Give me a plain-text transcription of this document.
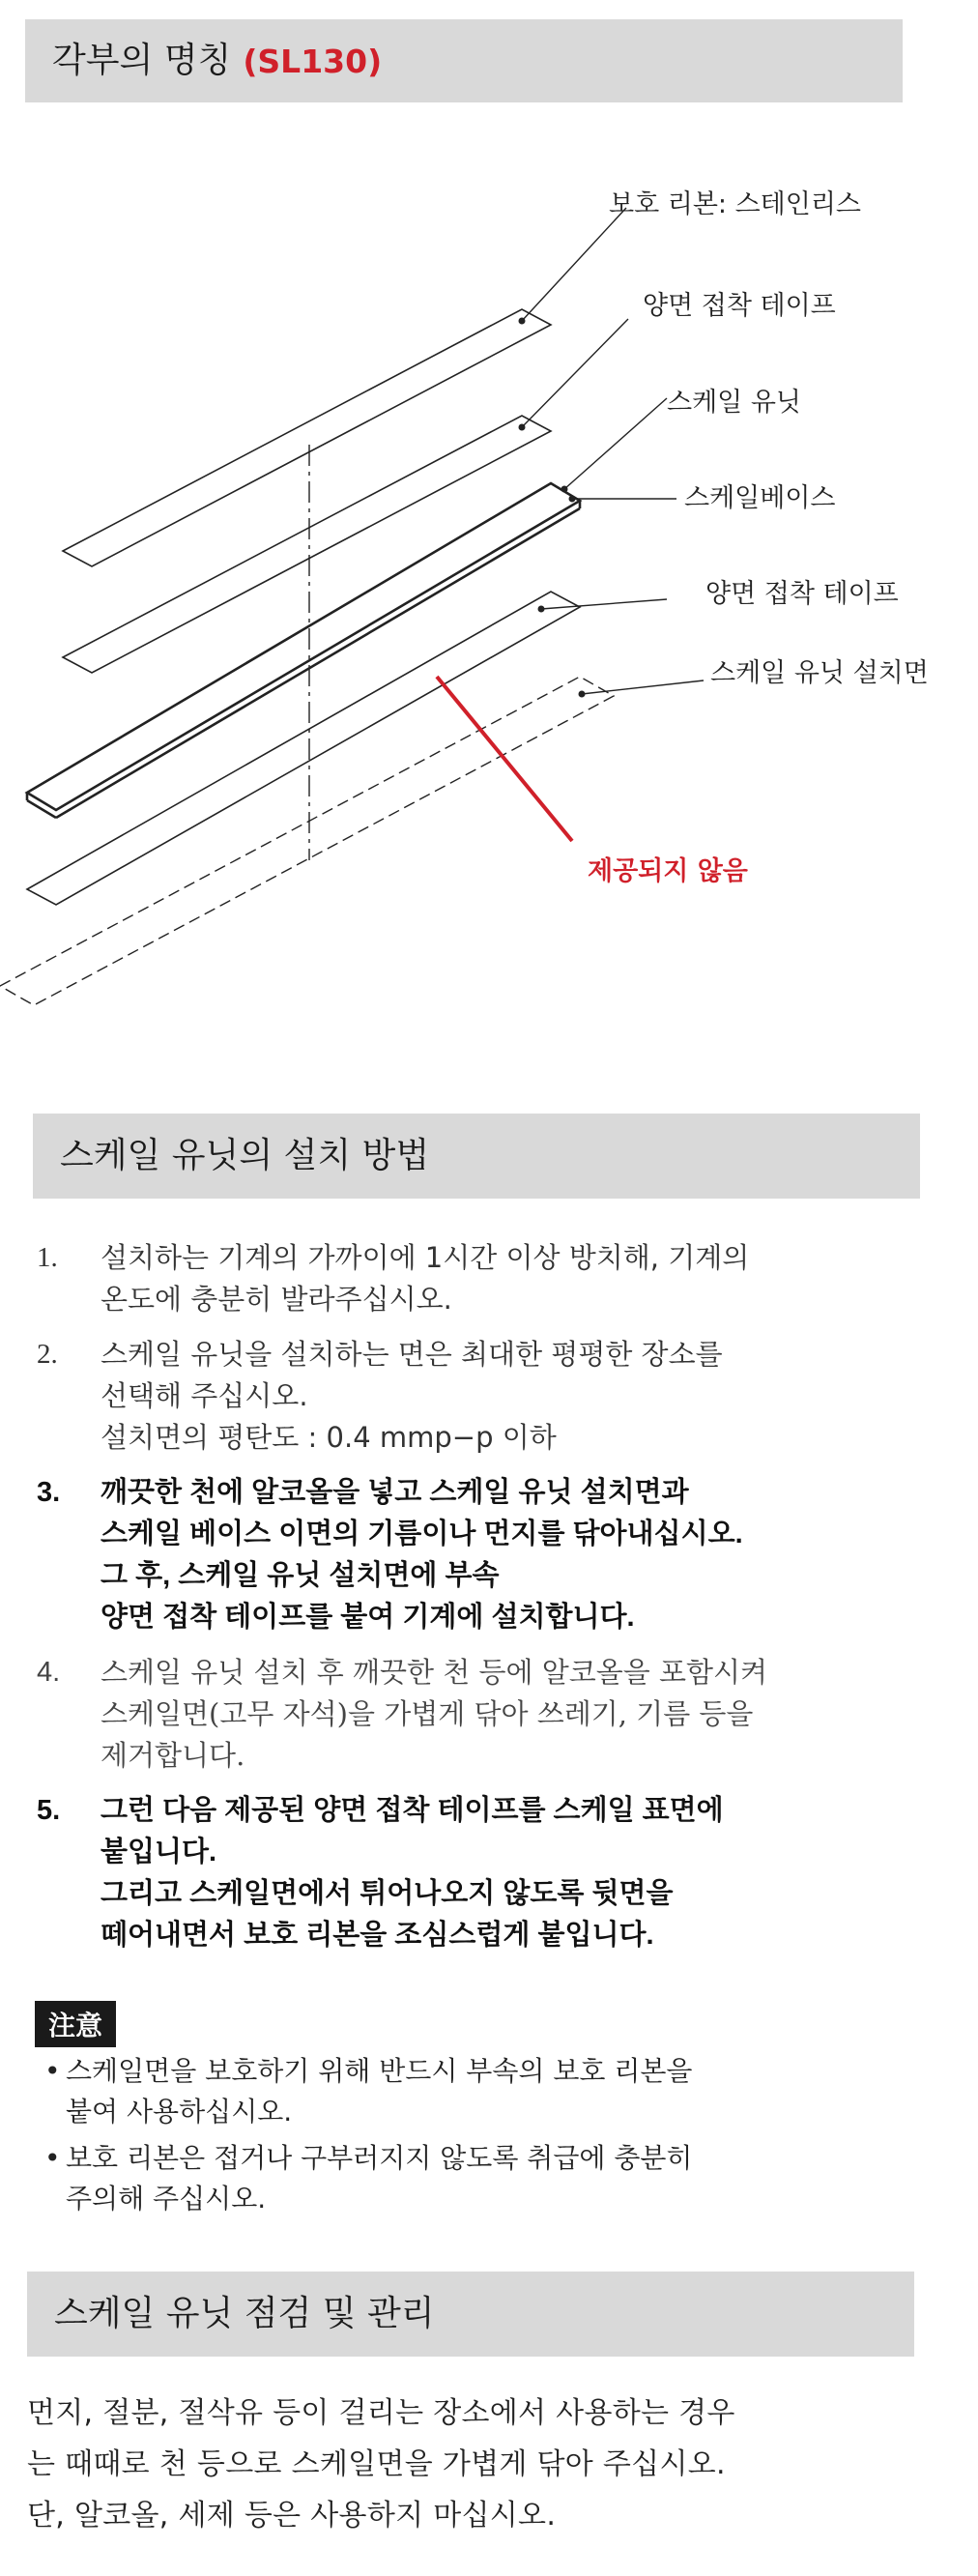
각부의 명칭 (SL130)
보호 리본: 스테인리스
양면 접착 테이프
스케일 유닛
스케일베이스
양면 접착 테이프
스케일 유닛 설치면
제공되지 않음
스케일 유닛의 설치 방법
1. 설치하는 기계의 가까이에 1시간 이상 방치해, 기계의
온도에 충분히 발라주십시오.
2. 스케일 유닛을 설치하는 면은 최대한 평평한 장소를
선택해 주십시오.
설치면의 평탄도 : 0.4 mmp−p 이하
3. 깨끗한 천에 알코올을 넣고 스케일 유닛 설치면과
스케일 베이스 이면의 기름이나 먼지를 닦아내십시오.
그 후, 스케일 유닛 설치면에 부속
양면 접착 테이프를 붙여 기계에 설치합니다.
4. 스케일 유닛 설치 후 깨끗한 천 등에 알코올을 포함시켜
스케일면(고무 자석)을 가볍게 닦아 쓰레기, 기름 등을
제거합니다.
5. 그런 다음 제공된 양면 접착 테이프를 스케일 표면에
붙입니다.
그리고 스케일면에서 튀어나오지 않도록 뒷면을
떼어내면서 보호 리본을 조심스럽게 붙입니다.
注意
• 스케일면을 보호하기 위해 반드시 부속의 보호 리본을
붙여 사용하십시오.
• 보호 리본은 접거나 구부러지지 않도록 취급에 충분히
주의해 주십시오.
스케일 유닛 점검 및 관리
먼지, 절분, 절삭유 등이 걸리는 장소에서 사용하는 경우
는 때때로 천 등으로 스케일면을 가볍게 닦아 주십시오.
단, 알코올, 세제 등은 사용하지 마십시오.
